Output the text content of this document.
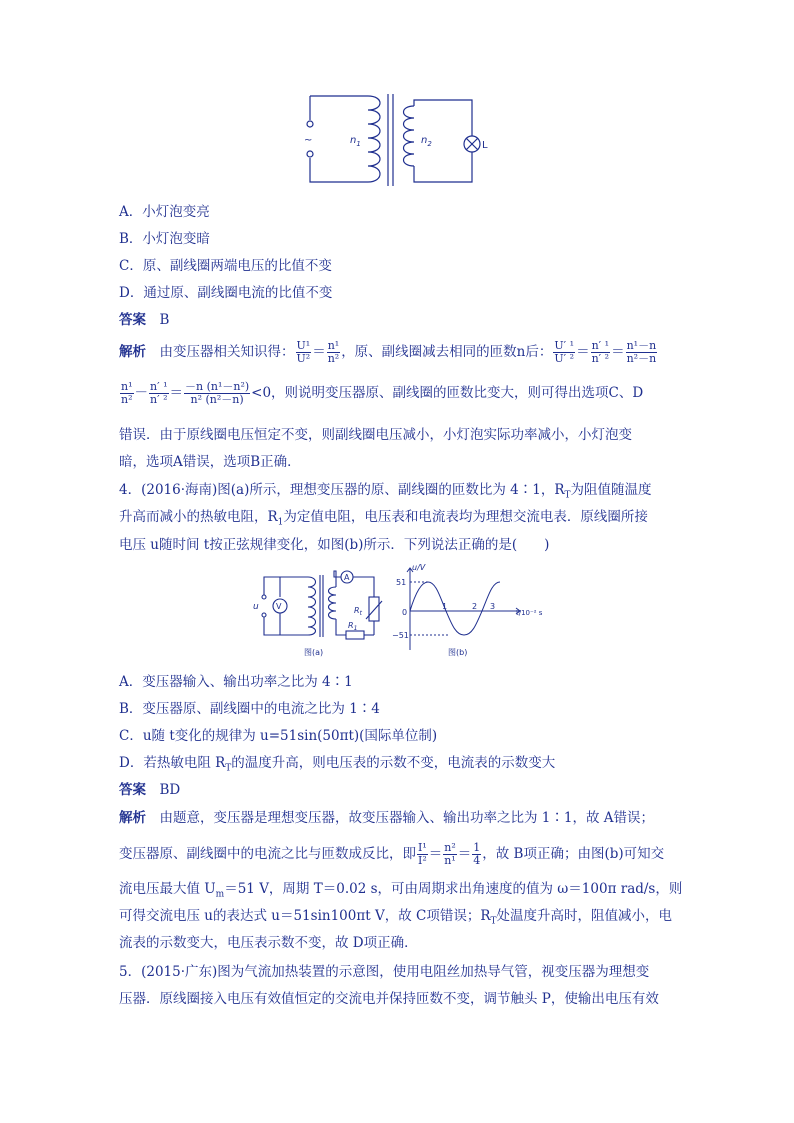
~	$n_1$	$n_2$	L
A．小灯泡变亮
B．小灯泡变暗
C．原、副线圈两端电压的比值不变
D．通过原、副线圈电流的比值不变
答案　 B
解析　 由变压器相关知识得： $\frac{\text{U¹}}{\text{U²}} = \frac{\text{n¹}}{\text{n²}}$ ，原、副线圈减去相同的匝数n后： $\frac{\text{U′ ¹}}{\text{U′ ²}} = \frac{\text{n′ ¹}}{\text{n′ ²}} = \frac{\text{n¹－n}}{\text{n²－n}}$
$\frac{\text{n¹}}{\text{n²}} - \frac{\text{n′ ¹}}{\text{n′ ²}} = \frac{\text{－n (n¹－n²)}}{\text{n² (n²－n)}} <0$，则说明变压器原、副线圈的匝数比变大，则可得出选项C、D
错误．由于原线圈电压恒定不变，则副线圈电压减小，小灯泡实际功率减小，小灯泡变
暗，选项A错误，选项B正确．
4．(2016·海南)图(a)所示，理想变压器的原、副线圈的匝数比为 4∶1，$R_T$为阻值随温度
升高而减小的热敏电阻，$R_1$为定值电阻，电压表和电流表均为理想交流电表．原线圈所接
电压 u随时间 t按正弦规律变化，如图(b)所示．下列说法正确的是(　　)
u V
A
$R_t$
$R_1$
图(a)
u/V
t/10⁻² s
51
0
−51
1	2 3
图(b)
A．变压器输入、输出功率之比为 4∶1
B．变压器原、副线圈中的电流之比为 1∶4
C．u随 t变化的规律为 u=51sin(50πt)(国际单位制)
D．若热敏电阻 $R_T$的温度升高，则电压表的示数不变，电流表的示数变大
答案　 BD
解析　 由题意，变压器是理想变压器，故变压器输入、输出功率之比为 1∶1，故 A错误；
变压器原、副线圈中的电流之比与匝数成反比，即 $\frac{\text{I¹}}{\text{I²}} = \frac{\text{n²}}{\text{n¹}} = \frac{1}{4}$ ，故 B项正确；由图(b)可知交
流电压最大值 $U_m=51$ V，周期 T＝0.02 s，可由周期求出角速度的值为 ω＝100π rad/s，则
可得交流电压 u的表达式 u＝51sin100πt V，故 C项错误；$R_T$处温度升高时，阻值减小，电
流表的示数变大，电压表示数不变，故 D项正确．
5．(2015·广东)图为气流加热装置的示意图，使用电阻丝加热导气管，视变压器为理想变
压器．原线圈接入电压有效值恒定的交流电并保持匝数不变，调节触头 P，使输出电压有效
